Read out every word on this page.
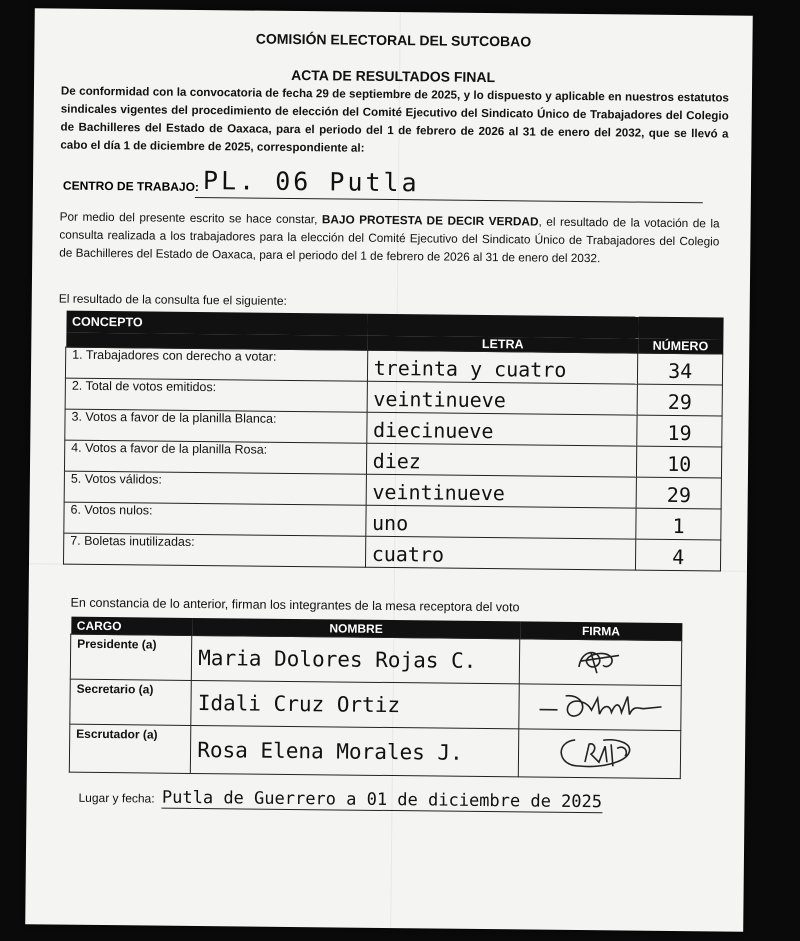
COMISIÓN ELECTORAL DEL SUTCOBAO
ACTA DE RESULTADOS FINAL
De conformidad con la convocatoria de fecha 29 de septiembre de 2025, y lo dispuesto y aplicable en nuestros estatutos sindicales vigentes del procedimiento de elección del Comité Ejecutivo del Sindicato Único de Trabajadores del Colegio de Bachilleres del Estado de Oaxaca, para el periodo del 1 de febrero de 2026 al 31 de enero del 2032, que se llevó a cabo el día 1 de diciembre de 2025, correspondiente al:
CENTRO DE TRABAJO: PL. 06 Putla
Por medio del presente escrito se hace constar, BAJO PROTESTA DE DECIR VERDAD, el resultado de la votación de la consulta realizada a los trabajadores para la elección del Comité Ejecutivo del Sindicato Único de Trabajadores del Colegio de Bachilleres del Estado de Oaxaca, para el periodo del 1 de febrero de 2026 al 31 de enero del 2032.
El resultado de la consulta fue el siguiente:
CONCEPTO		
	LETRA	NÚMERO
1. Trabajadores con derecho a votar:	treinta y cuatro	34
2. Total de votos emitidos:	veintinueve	29
3. Votos a favor de la planilla Blanca:	diecinueve	19
4. Votos a favor de la planilla Rosa:	diez	10
5. Votos válidos:	veintinueve	29
6. Votos nulos:	uno	1
7. Boletas inutilizadas:	cuatro	4
En constancia de lo anterior, firman los integrantes de la mesa receptora del voto
CARGO	NOMBRE	FIRMA
Presidente (a)	Maria Dolores Rojas C.	
Secretario (a)	Idali Cruz Ortiz	
Escrutador (a)	Rosa Elena Morales J.	
Lugar y fecha: Putla de Guerrero a 01 de diciembre de 2025
